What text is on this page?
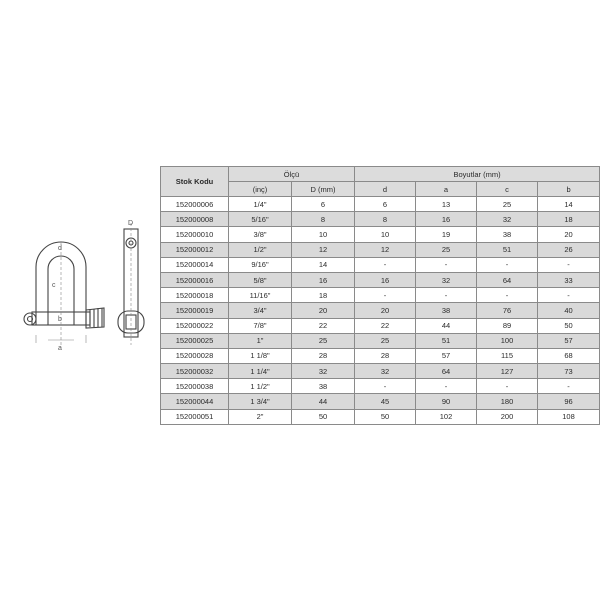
d
c
b
a
D
Stok Kodu	Ölçü		Boyutlar (mm)			
	(inç)	D (mm)	d	a	c	b
152000006	1/4"	6	6	13	25	14
152000008	5/16"	8	8	16	32	18
152000010	3/8"	10	10	19	38	20
152000012	1/2"	12	12	25	51	26
152000014	9/16"	14	-	-	-	-
152000016	5/8"	16	16	32	64	33
152000018	11/16"	18	-	-	-	-
152000019	3/4"	20	20	38	76	40
152000022	7/8"	22	22	44	89	50
152000025	1"	25	25	51	100	57
152000028	1 1/8"	28	28	57	115	68
152000032	1 1/4"	32	32	64	127	73
152000038	1 1/2"	38	-	-	-	-
152000044	1 3/4"	44	45	90	180	96
152000051	2"	50	50	102	200	108
